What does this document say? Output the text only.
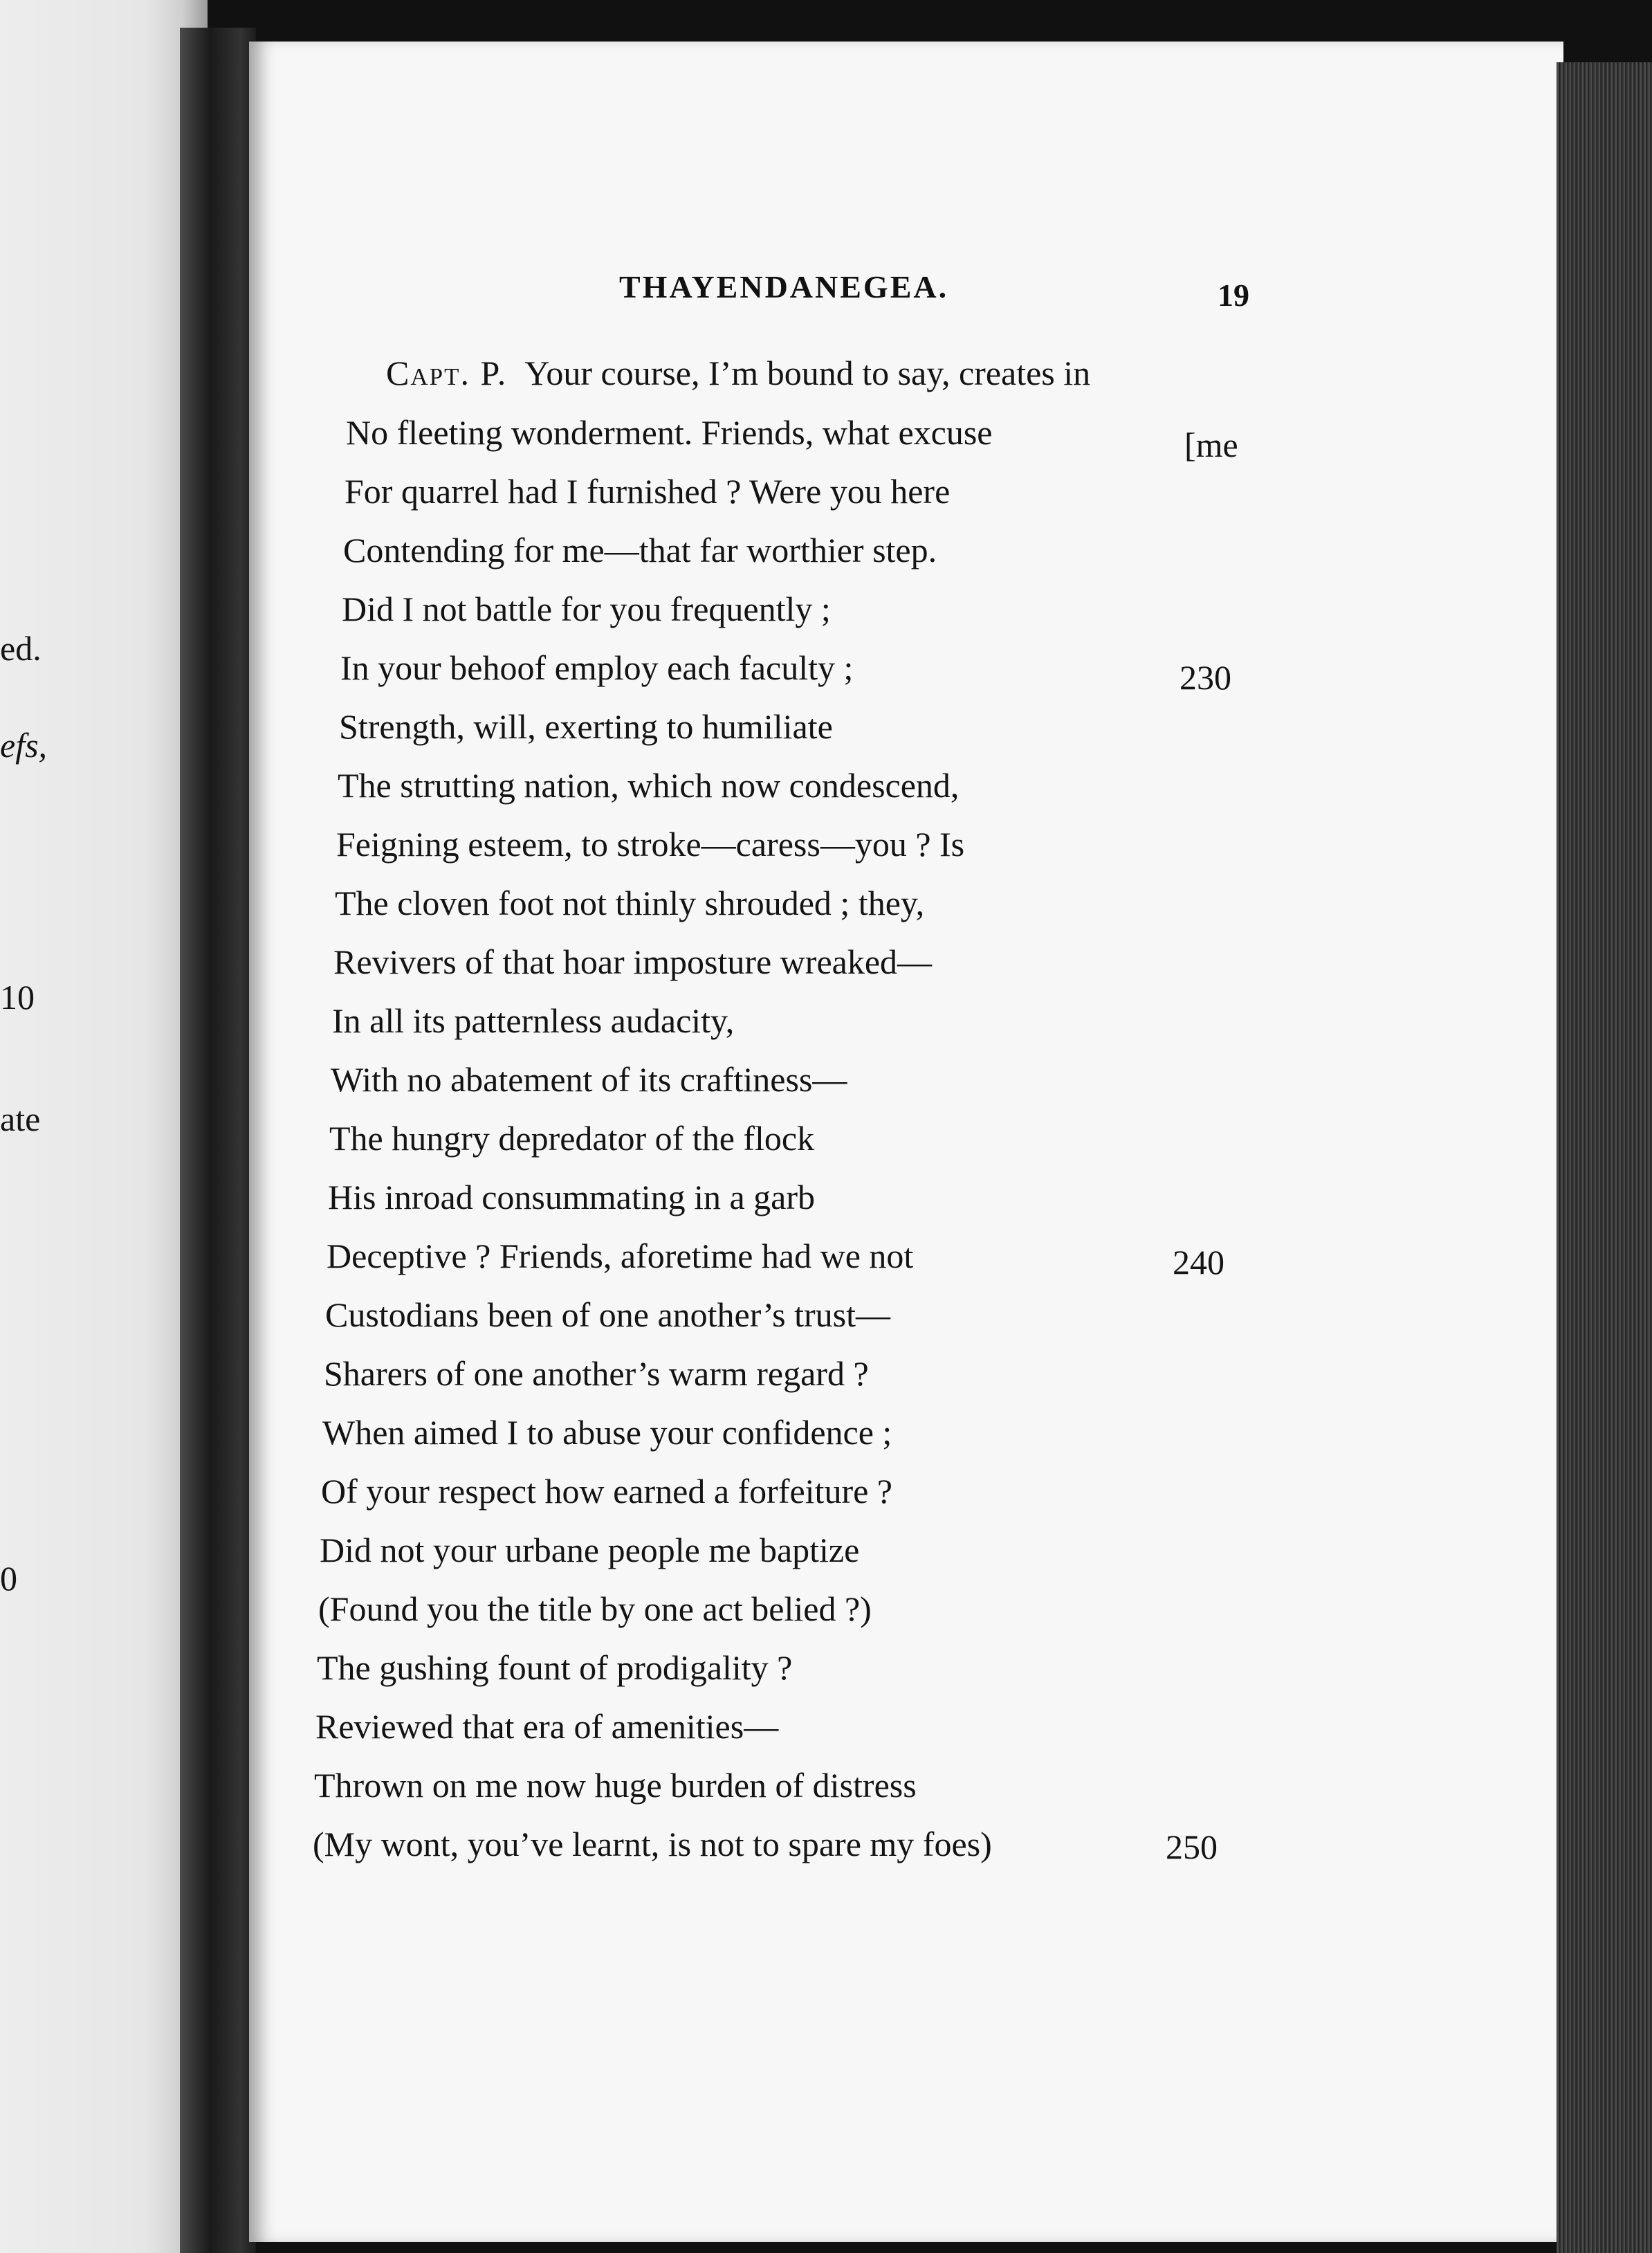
ed.
efs,
10
ate
0
THAYENDANEGEA.	19
Capt. P. Your course, I’m bound to say, creates in
[me
No fleeting wonderment. Friends, what excuse
For quarrel had I furnished ? Were you here
Contending for me—that far worthier step.
Did I not battle for you frequently ;
In your behoof employ each faculty ;	230
Strength, will, exerting to humiliate
The strutting nation, which now condescend,
Feigning esteem, to stroke—caress—you ? Is
The cloven foot not thinly shrouded ; they,
Revivers of that hoar imposture wreaked—
In all its patternless audacity,
With no abatement of its craftiness—
The hungry depredator of the flock
His inroad consummating in a garb
Deceptive ? Friends, aforetime had we not	240
Custodians been of one another’s trust—
Sharers of one another’s warm regard ?
When aimed I to abuse your confidence ;
Of your respect how earned a forfeiture ?
Did not your urbane people me baptize
(Found you the title by one act belied ?)
The gushing fount of prodigality ?
Reviewed that era of amenities—
Thrown on me now huge burden of distress
(My wont, you’ve learnt, is not to spare my foes)	250
